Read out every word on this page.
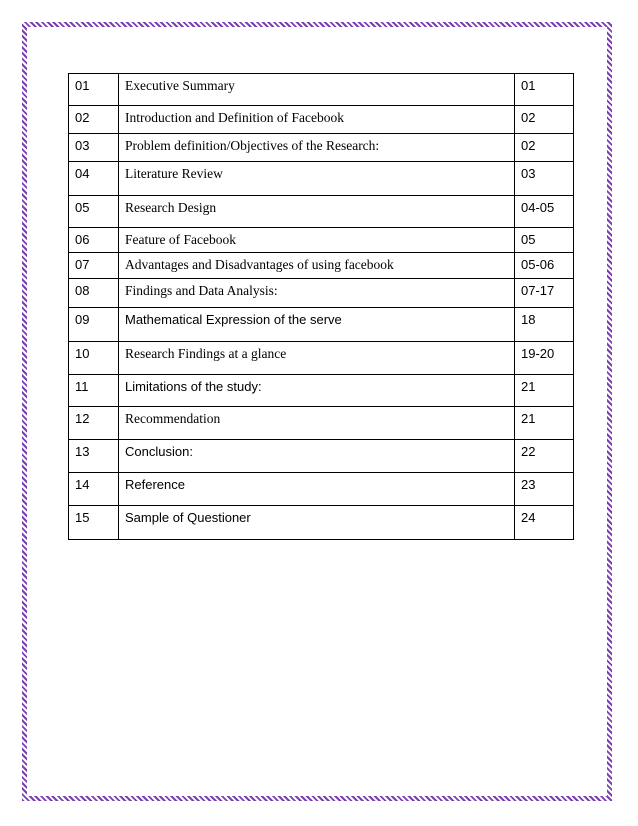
01	Executive Summary	01
02	Introduction and Definition of Facebook	02
03	Problem definition/Objectives of the Research:	02
04	Literature Review	03
05	Research Design	04-05
06	Feature of Facebook	05
07	Advantages and Disadvantages of using facebook	05-06
08	Findings and Data Analysis:	07-17
09	Mathematical Expression of the serve	18
10	Research Findings at a glance	19-20
11	Limitations of the study:	21
12	Recommendation	21
13	Conclusion:	22
14	Reference	23
15	Sample of Questioner	24
